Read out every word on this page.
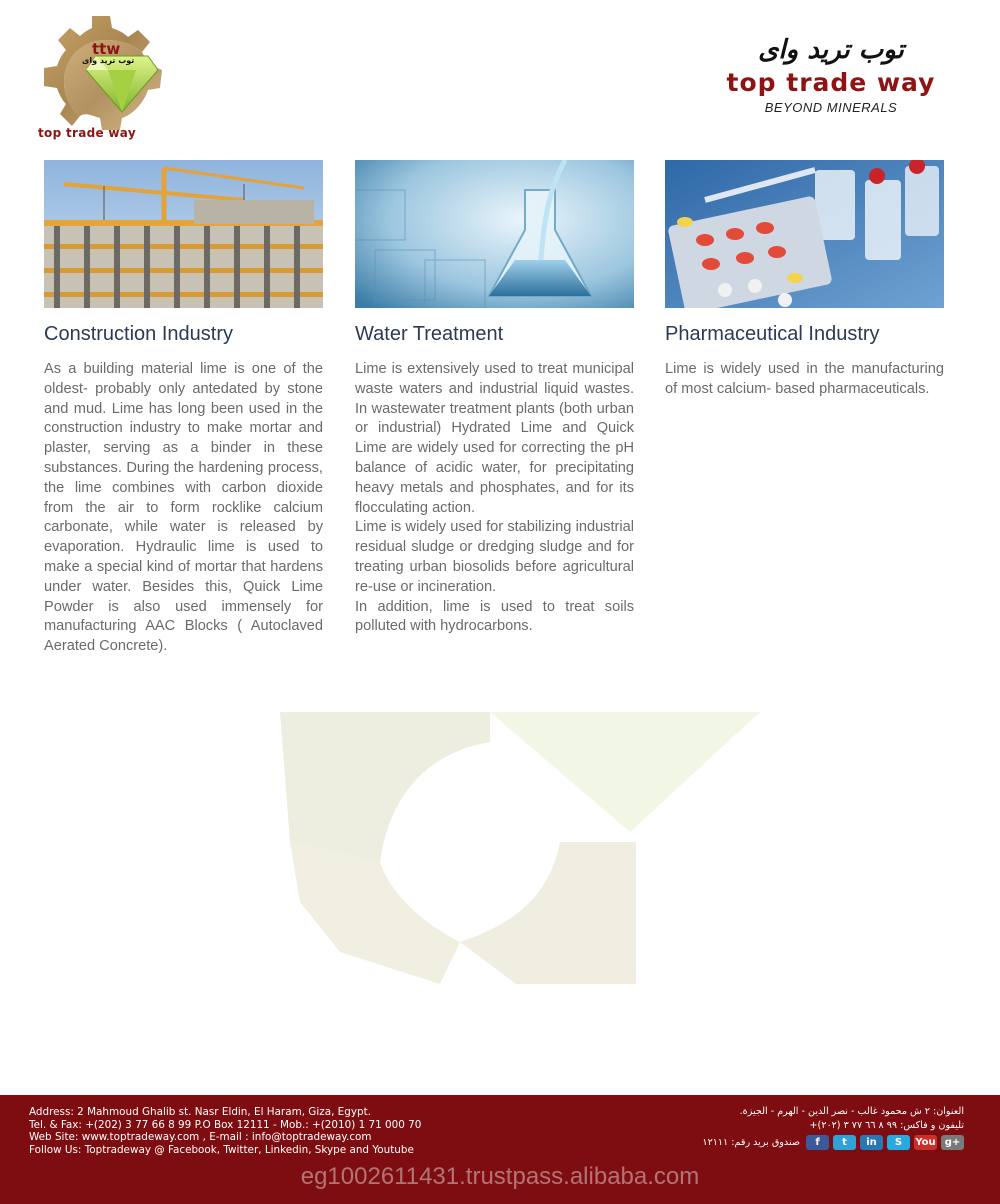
ttw
توب تريد واى
top trade way
توب تريد واى
top trade way
BEYOND MINERALS
Construction Industry

As a building material lime is one of the oldest- probably only antedated by stone and mud. Lime has long been used in the construction industry to make mortar and plaster, serving as a binder in these substances. During the hardening process, the lime combines with carbon dioxide from the air to form rocklike calcium carbonate, while water is released by evaporation. Hydraulic lime is used to make a special kind of mortar that hardens under water. Besides this, Quick Lime Powder is also used immensely for manufacturing AAC Blocks ( Autoclaved Aerated Concrete).

Water Treatment

Lime is extensively used to treat municipal waste waters and industrial liquid wastes. In wastewater treatment plants (both urban or industrial) Hydrated Lime and Quick Lime are widely used for correcting the pH balance of acidic water, for precipitating heavy metals and phosphates, and for its flocculating action.

Lime is widely used for stabilizing industrial residual sludge or dredging sludge and for treating urban biosolids before agricultural re-use or incineration.

In addition, lime is used to treat soils polluted with hydrocarbons.

Pharmaceutical Industry

Lime is widely used in the manufacturing of most calcium- based pharmaceuticals.

Address: 2 Mahmoud Ghalib st. Nasr Eldin, El Haram, Giza, Egypt.
Tel. & Fax: +(202) 3 77 66 8 99 P.O Box 12111 - Mob.: +(2010) 1 71 000 70
Web Site: www.toptradeway.com , E-mail : info@toptradeway.com
Follow Us: Toptradeway @ Facebook, Twitter, Linkedin, Skype and Youtube
العنوان: ٢ ش محمود غالب - نصر الدين - الهرم - الجيزة.
تليفون و فاكس: ٩٩ ٨ ٦٦ ٧٧ ٣ (٢٠٢)+
f	t	in	S	You g+
صندوق بريد رقم: ١٢١١١
eg1002611431.trustpass.alibaba.com
